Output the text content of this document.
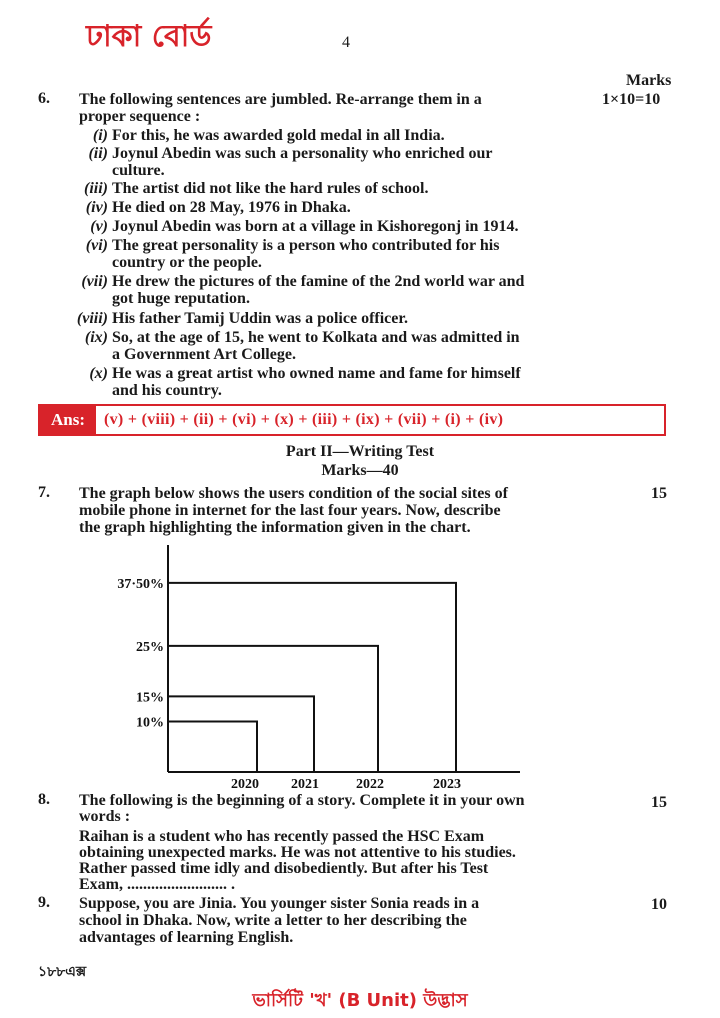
ঢাকা বোর্ড	4
Marks
6. The following sentences are jumbled. Re-arrange them in a
proper sequence :
1×10=10
(i) For this, he was awarded gold medal in all India.
(ii) Joynul Abedin was such a personality who enriched our
culture.
(iii) The artist did not like the hard rules of school.
(iv) He died on 28 May, 1976 in Dhaka.
(v) Joynul Abedin was born at a village in Kishoregonj in 1914.
(vi) The great personality is a person who contributed for his
country or the people.
(vii) He drew the pictures of the famine of the 2nd world war and
got huge reputation.
(viii) His father Tamij Uddin was a police officer.
(ix) So, at the age of 15, he went to Kolkata and was admitted in
a Government Art College.
(x) He was a great artist who owned name and fame for himself
and his country.
Ans:	(v) + (viii) + (ii) + (vi) + (x) + (iii) + (ix) + (vii) + (i) + (iv)
Part II—Writing Test
Marks—40
7. The graph below shows the users condition of the social sites of
mobile phone in internet for the last four years. Now, describe
the graph highlighting the information given in the chart.
15
10%
2020
15%
2021
25%
2022
37·50%
2023
8. The following is the beginning of a story. Complete it in your own
words :
Raihan is a student who has recently passed the HSC Exam
obtaining unexpected marks. He was not attentive to his studies.
Rather passed time idly and disobediently. But after his Test
Exam, ......................... .
15
9. Suppose, you are Jinia. You younger sister Sonia reads in a
school in Dhaka. Now, write a letter to her describing the
advantages of learning English.
10
১৮৮এক্স
ভার্সিটি 'খ' (B Unit) উদ্ভাস
